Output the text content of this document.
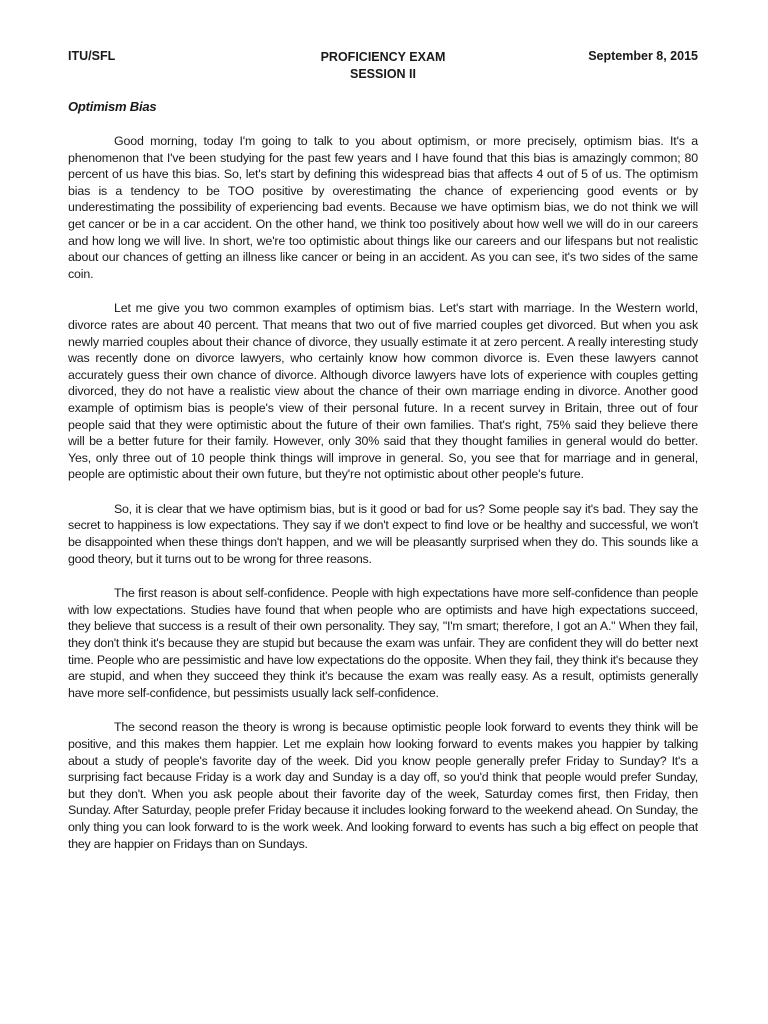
ITU/SFL	PROFICIENCY EXAM
SESSION II
September 8, 2015
Optimism Bias

Good morning, today I'm going to talk to you about optimism, or more precisely, optimism bias. It's a phenomenon that I've been studying for the past few years and I have found that this bias is amazingly common; 80 percent of us have this bias. So, let's start by defining this widespread bias that affects 4 out of 5 of us. The optimism bias is a tendency to be TOO positive by overestimating the chance of experiencing good events or by underestimating the possibility of experiencing bad events. Because we have optimism bias, we do not think we will get cancer or be in a car accident. On the other hand, we think too positively about how well we will do in our careers and how long we will live. In short, we're too optimistic about things like our careers and our lifespans but not realistic about our chances of getting an illness like cancer or being in an accident. As you can see, it's two sides of the same coin.

Let me give you two common examples of optimism bias. Let's start with marriage. In the Western world, divorce rates are about 40 percent. That means that two out of five married couples get divorced. But when you ask newly married couples about their chance of divorce, they usually estimate it at zero percent. A really interesting study was recently done on divorce lawyers, who certainly know how common divorce is. Even these lawyers cannot accurately guess their own chance of divorce. Although divorce lawyers have lots of experience with couples getting divorced, they do not have a realistic view about the chance of their own marriage ending in divorce. Another good example of optimism bias is people's view of their personal future. In a recent survey in Britain, three out of four people said that they were optimistic about the future of their own families. That's right, 75% said they believe there will be a better future for their family. However, only 30% said that they thought families in general would do better. Yes, only three out of 10 people think things will improve in general. So, you see that for marriage and in general, people are optimistic about their own future, but they're not optimistic about other people's future.

So, it is clear that we have optimism bias, but is it good or bad for us? Some people say it's bad. They say the secret to happiness is low expectations. They say if we don't expect to find love or be healthy and successful, we won't be disappointed when these things don't happen, and we will be pleasantly surprised when they do. This sounds like a good theory, but it turns out to be wrong for three reasons.

The first reason is about self-confidence. People with high expectations have more self-confidence than people with low expectations. Studies have found that when people who are optimists and have high expectations succeed, they believe that success is a result of their own personality. They say, "I'm smart; therefore, I got an A." When they fail, they don't think it's because they are stupid but because the exam was unfair. They are confident they will do better next time. People who are pessimistic and have low expectations do the opposite. When they fail, they think it's because they are stupid, and when they succeed they think it's because the exam was really easy. As a result, optimists generally have more self-confidence, but pessimists usually lack self-confidence.

The second reason the theory is wrong is because optimistic people look forward to events they think will be positive, and this makes them happier. Let me explain how looking forward to events makes you happier by talking about a study of people's favorite day of the week. Did you know people generally prefer Friday to Sunday? It's a surprising fact because Friday is a work day and Sunday is a day off, so you'd think that people would prefer Sunday, but they don't. When you ask people about their favorite day of the week, Saturday comes first, then Friday, then Sunday. After Saturday, people prefer Friday because it includes looking forward to the weekend ahead. On Sunday, the only thing you can look forward to is the work week. And looking forward to events has such a big effect on people that they are happier on Fridays than on Sundays.
